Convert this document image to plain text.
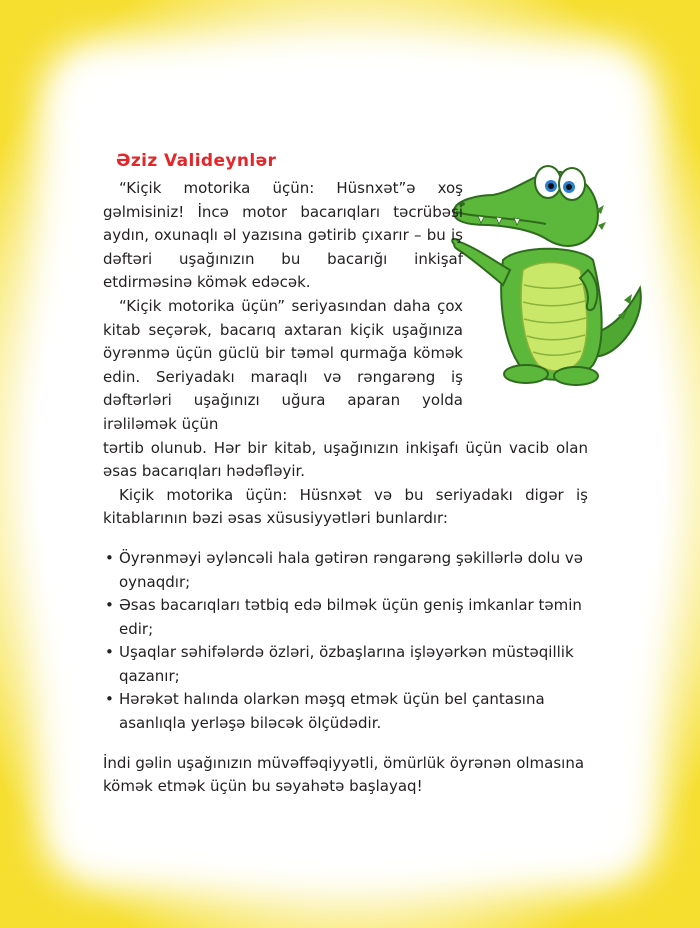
Əziz Valideynlər

“Kiçik motorika üçün: Hüsnxət”ə xoş gəlmisiniz! İncə motor bacarıqları təcrübəsi aydın, oxunaqlı əl yazısına gətirib çıxarır – bu iş dəftəri uşağınızın bu bacarığı inkişaf etdirməsinə kömək edəcək.

“Kiçik motorika üçün” seriyasından daha çox kitab seçərək, bacarıq axtaran kiçik uşağınıza öyrənmə üçün güclü bir təməl qurmağa kömək edin. Seriyadakı maraqlı və rəngarəng iş dəftərləri uşağınızı uğura aparan yolda irəliləmək üçün

tərtib olunub. Hər bir kitab, uşağınızın inkişafı üçün vacib olan əsas bacarıqları hədəfləyir.

Kiçik motorika üçün: Hüsnxət və bu seriyadakı digər iş kitablarının bəzi əsas xüsusiyyətləri bunlardır:

• Öyrənməyi əyləncəli hala gətirən rəngarəng şəkillərlə dolu və oynaqdır;
• Əsas bacarıqları tətbiq edə bilmək üçün geniş imkanlar təmin edir;
• Uşaqlar səhifələrdə özləri, özbaşlarına işləyərkən müstəqillik qazanır;
• Hərəkət halında olarkən məşq etmək üçün bel çantasına asanlıqla yerləşə biləcək ölçüdədir.

İndi gəlin uşağınızın müvəffəqiyyətli, ömürlük öyrənən olmasına kömək etmək üçün bu səyahətə başlayaq!
